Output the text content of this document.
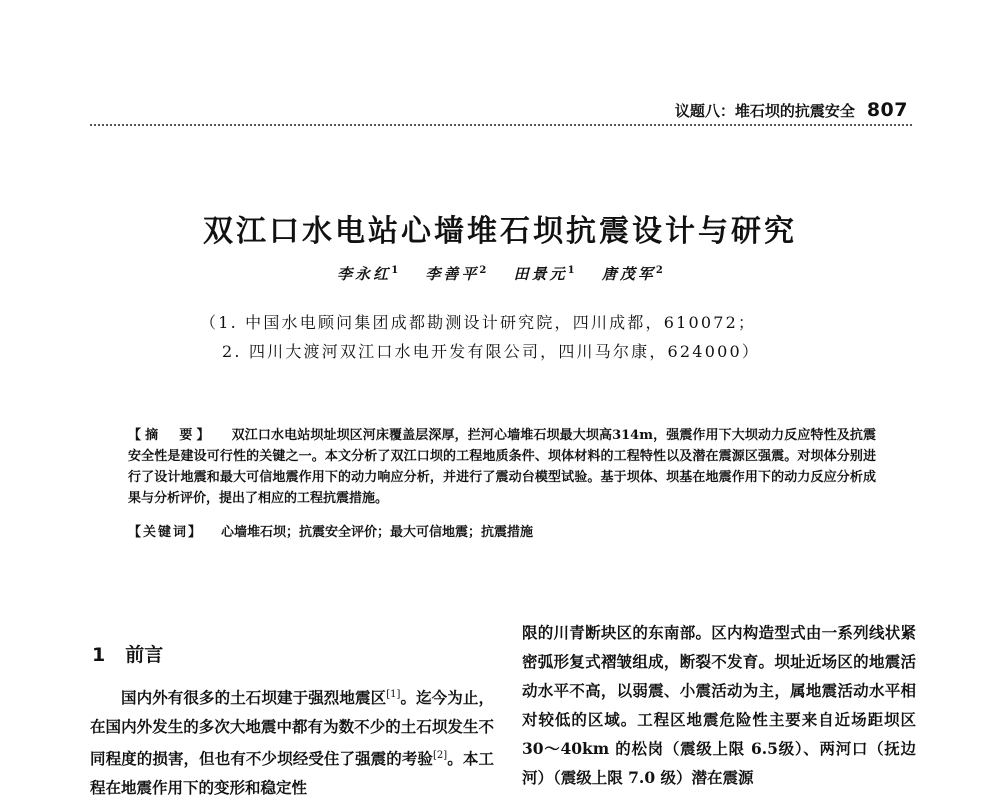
议题八：堆石坝的抗震安全 807
双江口水电站心墙堆石坝抗震设计与研究
李永红$^1$ 李善平$^2$ 田景元$^1$ 唐茂军$^2$
（1. 中国水电顾问集团成都勘测设计研究院，四川成都，610072；
2. 四川大渡河双江口水电开发有限公司，四川马尔康，624000）
【摘　要】 双江口水电站坝址坝区河床覆盖层深厚，拦河心墙堆石坝最大坝高314m，强震作用下大坝动力反应特性及抗震安全性是建设可行性的关键之一。本文分析了双江口坝的工程地质条件、坝体材料的工程特性以及潜在震源区强震。对坝体分别进行了设计地震和最大可信地震作用下的动力响应分析，并进行了震动台模型试验。基于坝体、坝基在地震作用下的动力反应分析成果与分析评价，提出了相应的工程抗震措施。
【关键词】 心墙堆石坝；抗震安全评价；最大可信地震；抗震措施
1 前言
国内外有很多的土石坝建于强烈地震区[1]。迄今为止，在国内外发生的多次大地震中都有为数不少的土石坝发生不同程度的损害，但也有不少坝经受住了强震的考验[2]。本工程在地震作用下的变形和稳定性
限的川青断块区的东南部。区内构造型式由一系列线状紧密弧形复式褶皱组成，断裂不发育。坝址近场区的地震活动水平不高，以弱震、小震活动为主，属地震活动水平相对较低的区域。工程区地震危险性主要来自近场距坝区 30～40km 的松岗（震级上限 6.5级）、两河口（抚边河）（震级上限 7.0 级）潜在震源
